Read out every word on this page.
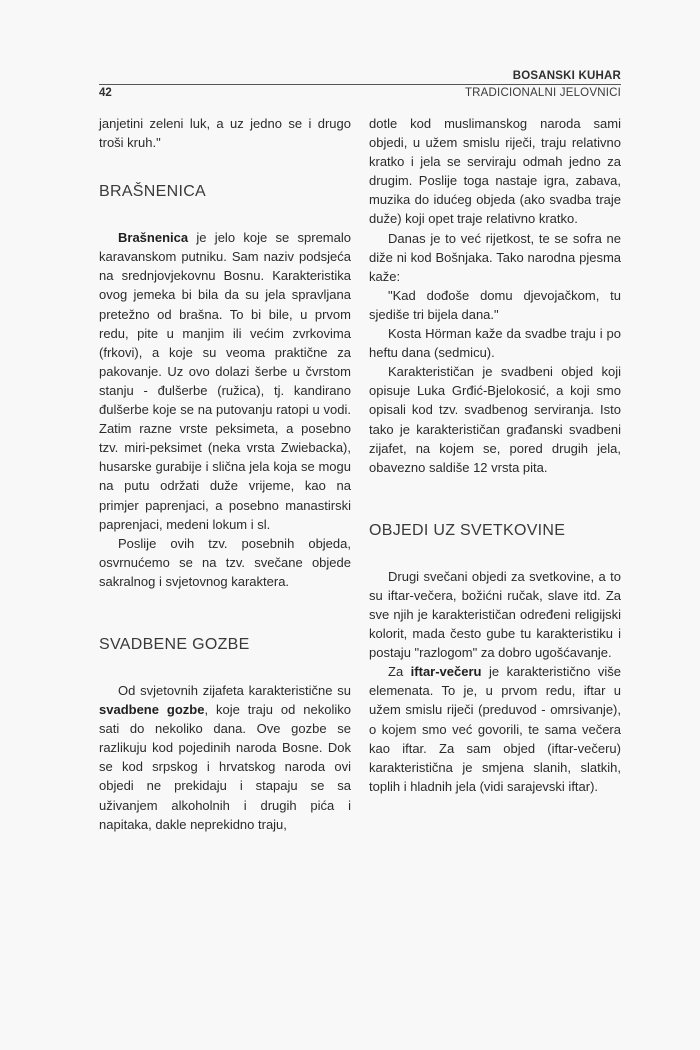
BOSANSKI KUHAR
42	TRADICIONALNI JELOVNICI

janjetini zeleni luk, a uz jedno se i drugo troši kruh."

BRAŠNENICA

Brašnenica je jelo koje se spremalo karavanskom putniku. Sam naziv podsjeća na srednjovjekovnu Bosnu. Karakteristika ovog jemeka bi bila da su jela spravljana pretežno od brašna. To bi bile, u prvom redu, pite u manjim ili većim zvrkovima (frkovi), a koje su veoma praktične za pakovanje. Uz ovo dolazi šerbe u čvrstom stanju - đulšerbe (ružica), tj. kandirano đulšerbe koje se na putovanju ratopi u vodi. Zatim razne vrste peksimeta, a posebno tzv. miri-peksimet (neka vrsta Zwiebacka), husarske gurabije i slična jela koja se mogu na putu održati duže vrijeme, kao na primjer paprenjaci, a posebno manastirski paprenjaci, medeni lokum i sl.

Poslije ovih tzv. posebnih objeda, osvrnućemo se na tzv. svečane objede sakralnog i svjetovnog karaktera.

SVADBENE GOZBE

Od svjetovnih zijafeta karakteristične su svadbene gozbe, koje traju od nekoliko sati do nekoliko dana. Ove gozbe se razlikuju kod pojedinih naroda Bosne. Dok se kod srpskog i hrvatskog naroda ovi objedi ne prekidaju i stapaju se sa uživanjem alkoholnih i drugih pića i napitaka, dakle neprekidno traju,

dotle kod muslimanskog naroda sami objedi, u užem smislu riječi, traju relativno kratko i jela se serviraju odmah jedno za drugim. Poslije toga nastaje igra, zabava, muzika do idućeg objeda (ako svadba traje duže) koji opet traje relativno kratko.

Danas je to već rijetkost, te se sofra ne diže ni kod Bošnjaka. Tako narodna pjesma kaže:

"Kad dođoše domu djevojačkom, tu sjediše tri bijela dana."

Kosta Hörman kaže da svadbe traju i po heftu dana (sedmicu).

Karakterističan je svadbeni objed koji opisuje Luka Grđić-Bjelokosić, a koji smo opisali kod tzv. svadbenog serviranja. Isto tako je karakterističan građanski svadbeni zijafet, na kojem se, pored drugih jela, obavezno saldiše 12 vrsta pita.

OBJEDI UZ SVETKOVINE

Drugi svečani objedi za svetkovine, a to su iftar-večera, božićni ručak, slave itd. Za sve njih je karakterističan određeni religijski kolorit, mada često gube tu karakteristiku i postaju "razlogom" za dobro ugošćavanje.

Za iftar-večeru je karakteristično više elemenata. To je, u prvom redu, iftar u užem smislu riječi (preduvod - omrsivanje), o kojem smo već govorili, te sama večera kao iftar. Za sam objed (iftar-večeru) karakteristična je smjena slanih, slatkih, toplih i hladnih jela (vidi sarajevski iftar).
